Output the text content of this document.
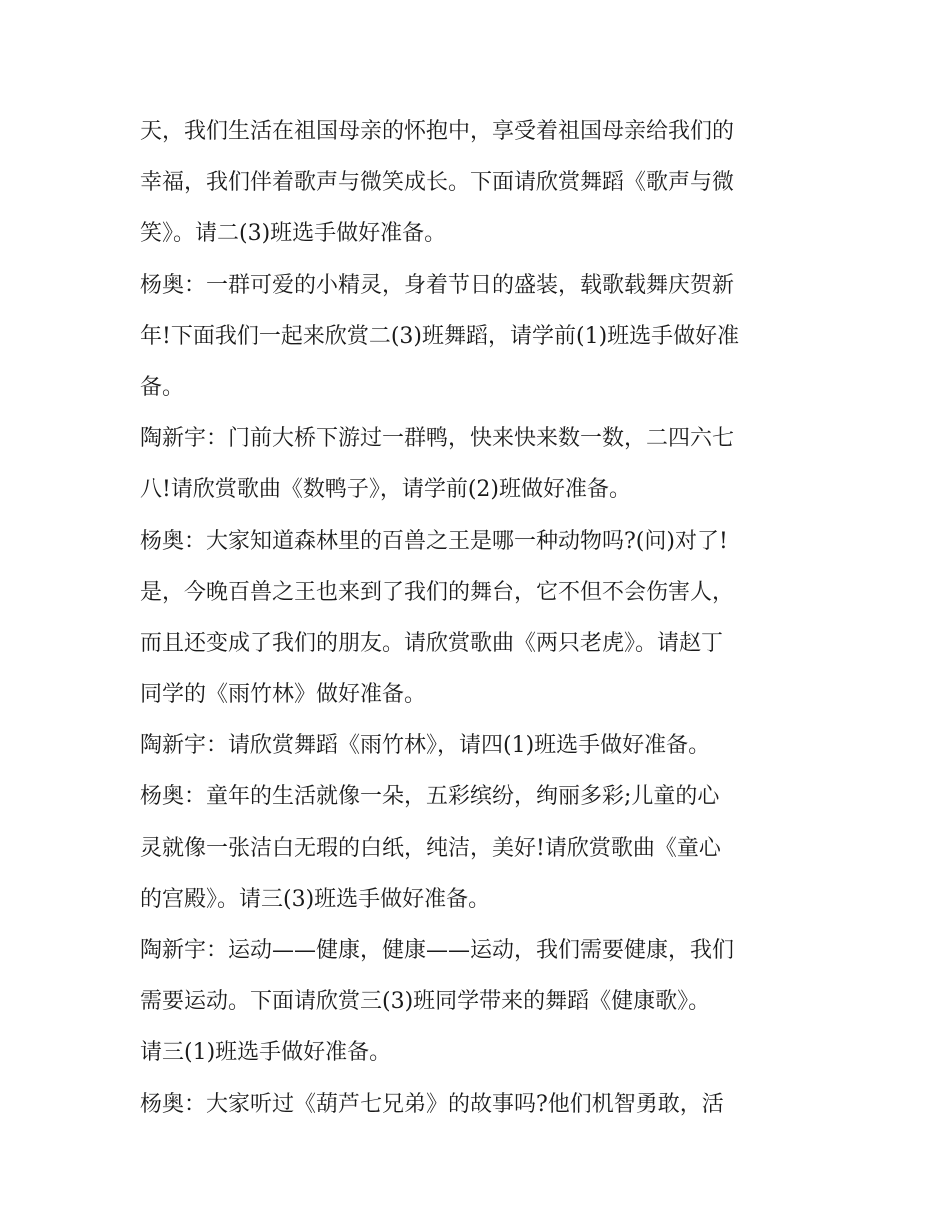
天，我们生活在祖国母亲的怀抱中，享受着祖国母亲给我们的
幸福，我们伴着歌声与微笑成长。下面请欣赏舞蹈《歌声与微
笑》。请二(3)班选手做好准备。
杨奥：一群可爱的小精灵，身着节日的盛装，载歌载舞庆贺新
年!下面我们一起来欣赏二(3)班舞蹈，请学前(1)班选手做好准
备。
陶新宇：门前大桥下游过一群鸭，快来快来数一数，二四六七
八!请欣赏歌曲《数鸭子》，请学前(2)班做好准备。
杨奥：大家知道森林里的百兽之王是哪一种动物吗?(问)对了!
是，今晚百兽之王也来到了我们的舞台，它不但不会伤害人，
而且还变成了我们的朋友。请欣赏歌曲《两只老虎》。请赵丁
同学的《雨竹林》做好准备。
陶新宇：请欣赏舞蹈《雨竹林》，请四(1)班选手做好准备。
杨奥：童年的生活就像一朵，五彩缤纷，绚丽多彩;儿童的心
灵就像一张洁白无瑕的白纸，纯洁，美好!请欣赏歌曲《童心
的宫殿》。请三(3)班选手做好准备。
陶新宇：运动——健康，健康——运动，我们需要健康，我们
需要运动。下面请欣赏三(3)班同学带来的舞蹈《健康歌》。
请三(1)班选手做好准备。
杨奥：大家听过《葫芦七兄弟》的故事吗?他们机智勇敢，活
